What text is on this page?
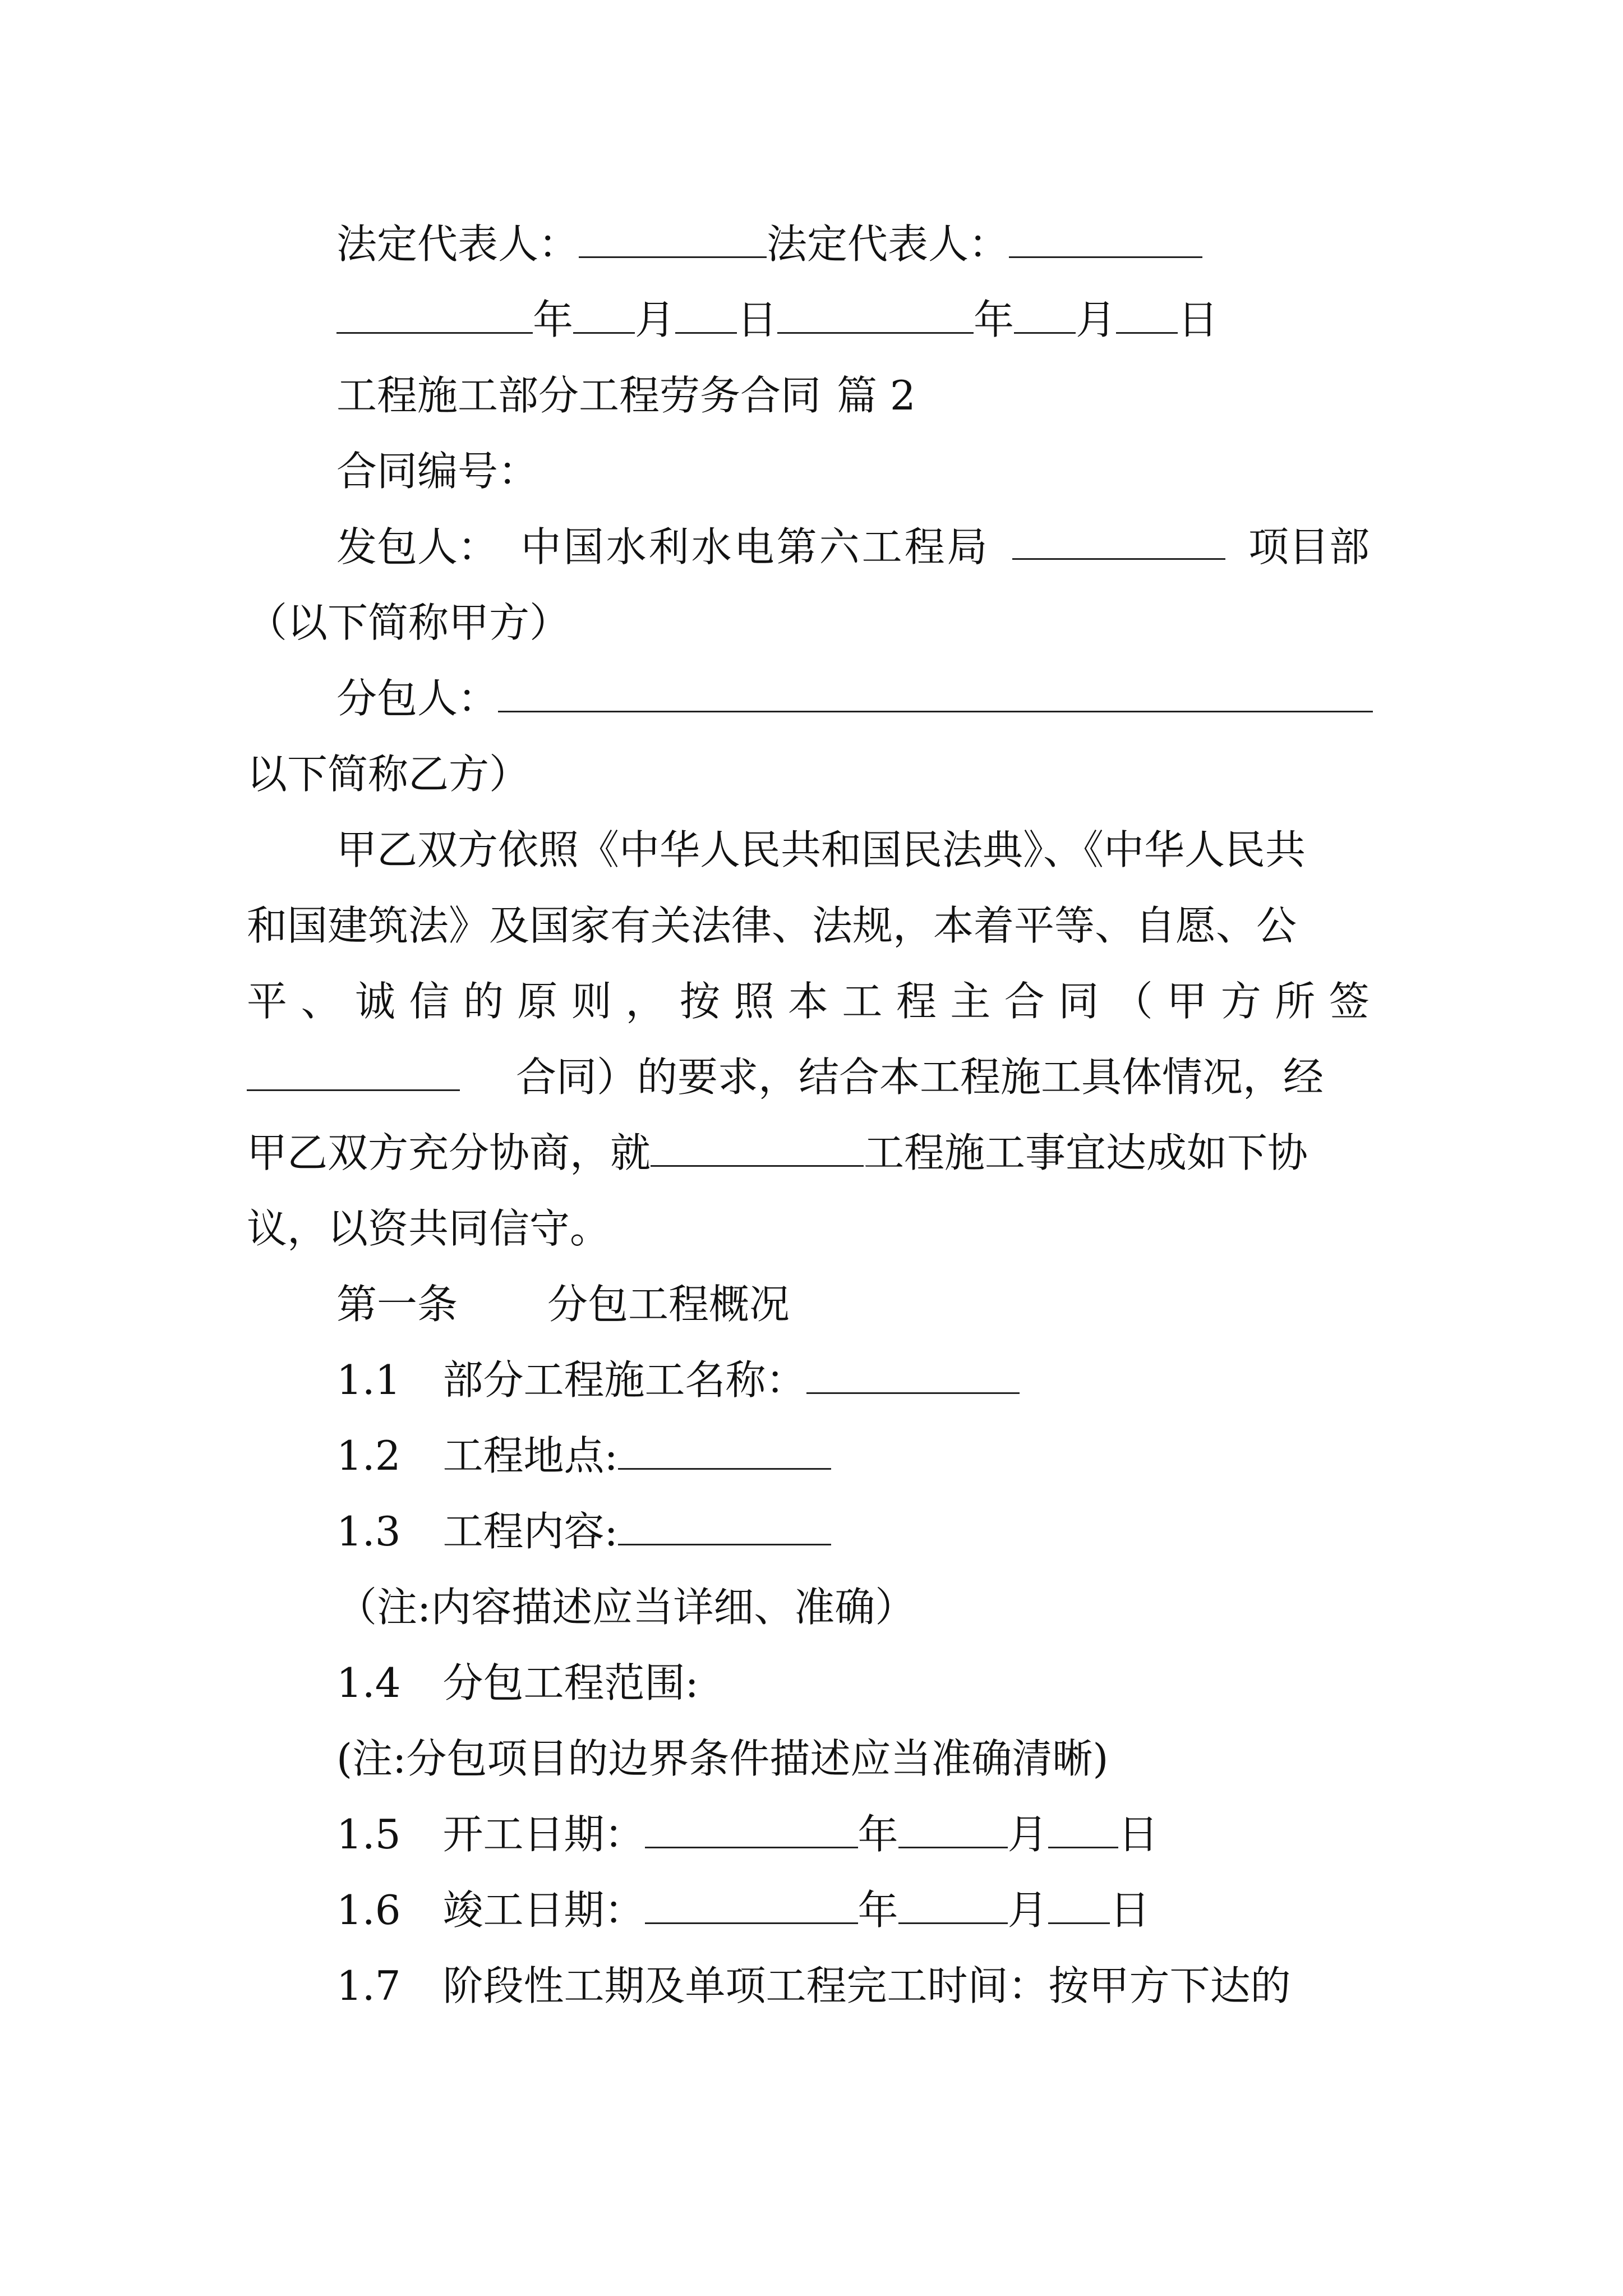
法定代表人：	法定代表人：
年 月 日	年 月 日
工程施工部分工程劳务合同 篇 2
合同编号：
发包人： 中国水利水电第六工程局	项目部
（以下简称甲方）
分包人：
以下简称乙方）
甲乙双方依照《中华人民共和国民法典》、《中华人民共
和国建筑法》及国家有关法律、法规，本着平等、自愿、公
平 、 诚 信 的 原 则 ， 按 照 本 工 程 主 合 同 （ 甲 方 所 签
合同）的要求，结合本工程施工具体情况，经
甲乙双方充分协商，就	工程施工事宜达成如下协
议，以资共同信守。
第一条 分包工程概况
1.1 部分工程施工名称：
1.2 工程地点:
1.3 工程内容:
（注:内容描述应当详细、准确）
1.4 分包工程范围:
(注:分包项目的边界条件描述应当准确清晰)
1.5 开工日期：	年	月 日
1.6 竣工日期：	年	月 日
1.7 阶段性工期及单项工程完工时间：按甲方下达的
